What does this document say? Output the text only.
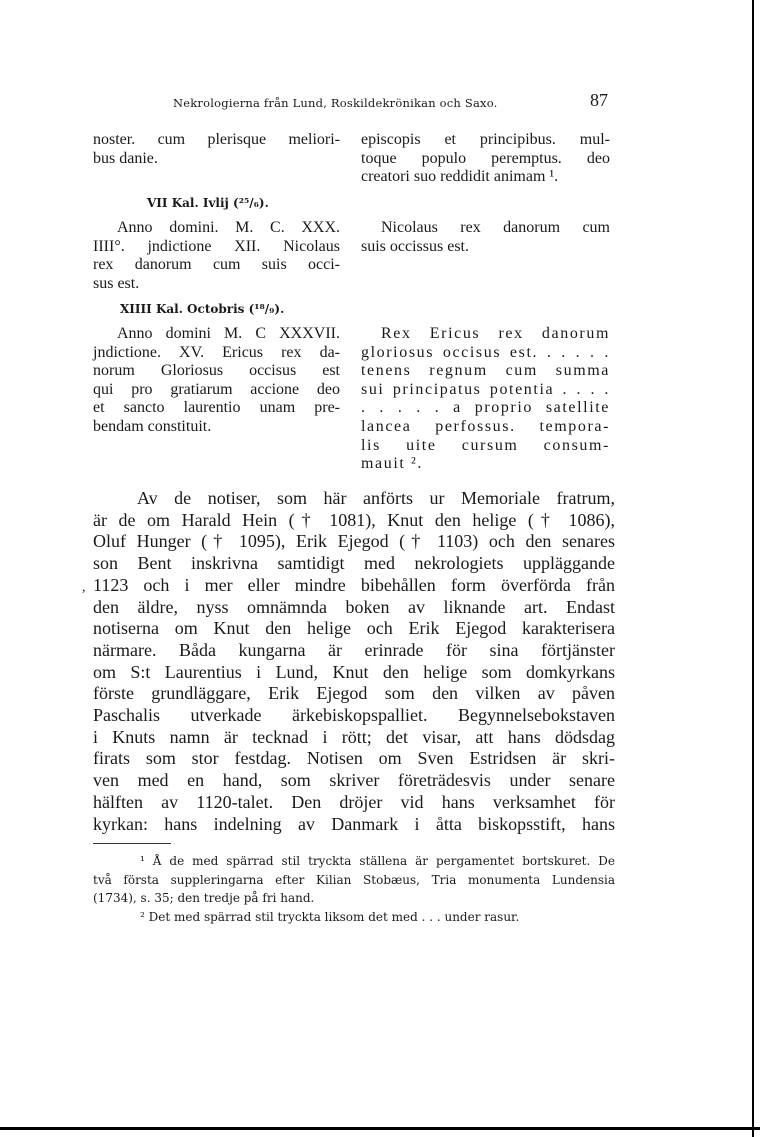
Nekrologierna från Lund, Roskildekrönikan och Saxo.	87
noster. cum plerisque meliori-
bus danie.
VII Kal. Ivlij (²⁵/₆).
Anno domini. M. C. XXX.
IIII°. jndictione XII. Nicolaus
rex danorum cum suis occi-
sus est.
XIIII Kal. Octobris (¹⁸/₉).
Anno domini M. C XXXVII.
jndictione. XV. Ericus rex da-
norum Gloriosus occisus est
qui pro gratiarum accione deo
et sancto laurentio unam pre-
bendam constituit.
episcopis et principibus. mul-
toque populo peremptus. deo
creatori suo reddidit animam ¹.
Nicolaus rex danorum cum
suis occissus est.
Rex Ericus rex danorum
gloriosus occisus est. . . . . .
tenens regnum cum summa
sui principatus potentia . . . .
. . . . . a proprio satellite
lancea perfossus. tempora-
lis uite cursum consum-
mauit ².
Av de notiser, som här anförts ur Memoriale fratrum,
är de om Harald Hein († 1081), Knut den helige († 1086),
Oluf Hunger († 1095), Erik Ejegod († 1103) och den senares
son Bent inskrivna samtidigt med nekrologiets uppläggande
1123 och i mer eller mindre bibehållen form överförda från
den äldre, nyss omnämnda boken av liknande art. Endast
notiserna om Knut den helige och Erik Ejegod karakterisera
närmare. Båda kungarna är erinrade för sina förtjänster
om S:t Laurentius i Lund, Knut den helige som domkyrkans
förste grundläggare, Erik Ejegod som den vilken av påven
Paschalis utverkade ärkebiskopspalliet. Begynnelsebokstaven
i Knuts namn är tecknad i rött; det visar, att hans dödsdag
firats som stor festdag. Notisen om Sven Estridsen är skri-
ven med en hand, som skriver företrädesvis under senare
hälften av 1120-talet. Den dröjer vid hans verksamhet för
kyrkan: hans indelning av Danmark i åtta biskopsstift, hans
,
¹ Å de med spärrad stil tryckta ställena är pergamentet bortskuret. De
två första suppleringarna efter Kilian Stobæus, Tria monumenta Lundensia
(1734), s. 35; den tredje på fri hand.
² Det med spärrad stil tryckta liksom det med . . . under rasur.
